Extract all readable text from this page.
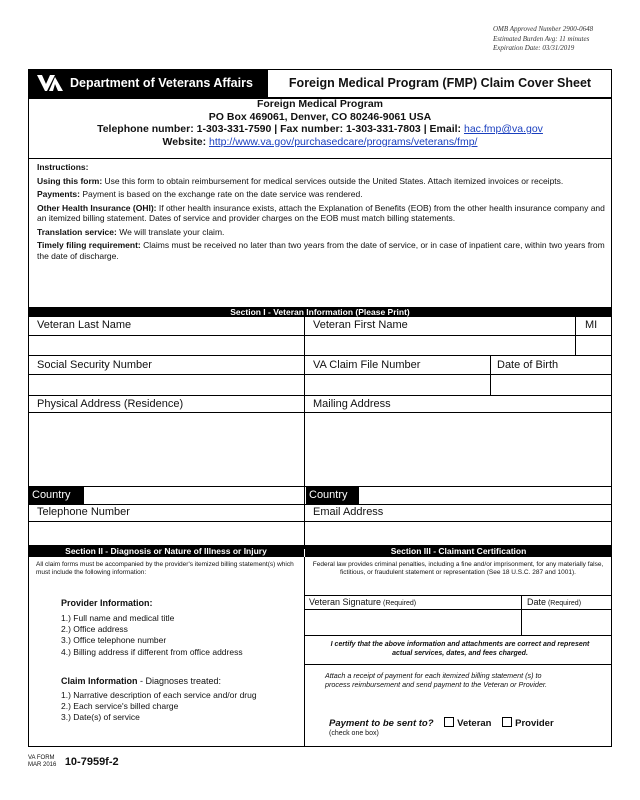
OMB Approved Number 2900-0648
Estimated Burden Avg: 11 minutes
Expiration Date: 03/31/2019
Department of Veterans Affairs	Foreign Medical Program (FMP) Claim Cover Sheet
Foreign Medical Program
PO Box 469061, Denver, CO 80246-9061 USA
Telephone number: 1-303-331-7590 | Fax number: 1-303-331-7803 | Email: hac.fmp@va.gov
Website: http://www.va.gov/purchasedcare/programs/veterans/fmp/

Instructions:

Using this form: Use this form to obtain reimbursement for medical services outside the United States. Attach itemized invoices or receipts.

Payments: Payment is based on the exchange rate on the date service was rendered.

Other Health Insurance (OHI): If other health insurance exists, attach the Explanation of Benefits (EOB) from the other health insurance company and an itemized billing statement. Dates of service and provider charges on the EOB must match billing statements.

Translation service: We will translate your claim.

Timely filing requirement: Claims must be received no later than two years from the date of service, or in case of inpatient care, within two years from the date of discharge.

Section I - Veteran Information (Please Print)
Veteran Last Name	Veteran First Name	MI
Social Security Number	VA Claim File Number	Date of Birth
Physical Address (Residence)	Mailing Address
Country	Country
Telephone Number	Email Address
Section II - Diagnosis or Nature of Illness or Injury	Section III - Claimant Certification
All claim forms must be accompanied by the provider's itemized billing statement(s) which must include the following information:
Provider Information:
1.) Full name and medical title
2.) Office address
3.) Office telephone number
4.) Billing address if different from office address
Claim Information - Diagnoses treated:
1.) Narrative description of each service and/or drug
2.) Each service's billed charge
3.) Date(s) of service
Federal law provides criminal penalties, including a fine and/or imprisonment, for any materially false, fictitious, or fraudulent statement or representation (See 18 U.S.C. 287 and 1001).
Veteran Signature (Required)	Date (Required)
I certify that the above information and attachments are correct and represent actual services, dates, and fees charged.
Attach a receipt of payment for each itemized billing statement (s) to process reimbursement and send payment to the Veteran or Provider.
Payment to be sent to? Veteran Provider
(check one box)
VA FORM
MAR 2016 10-7959f-2
